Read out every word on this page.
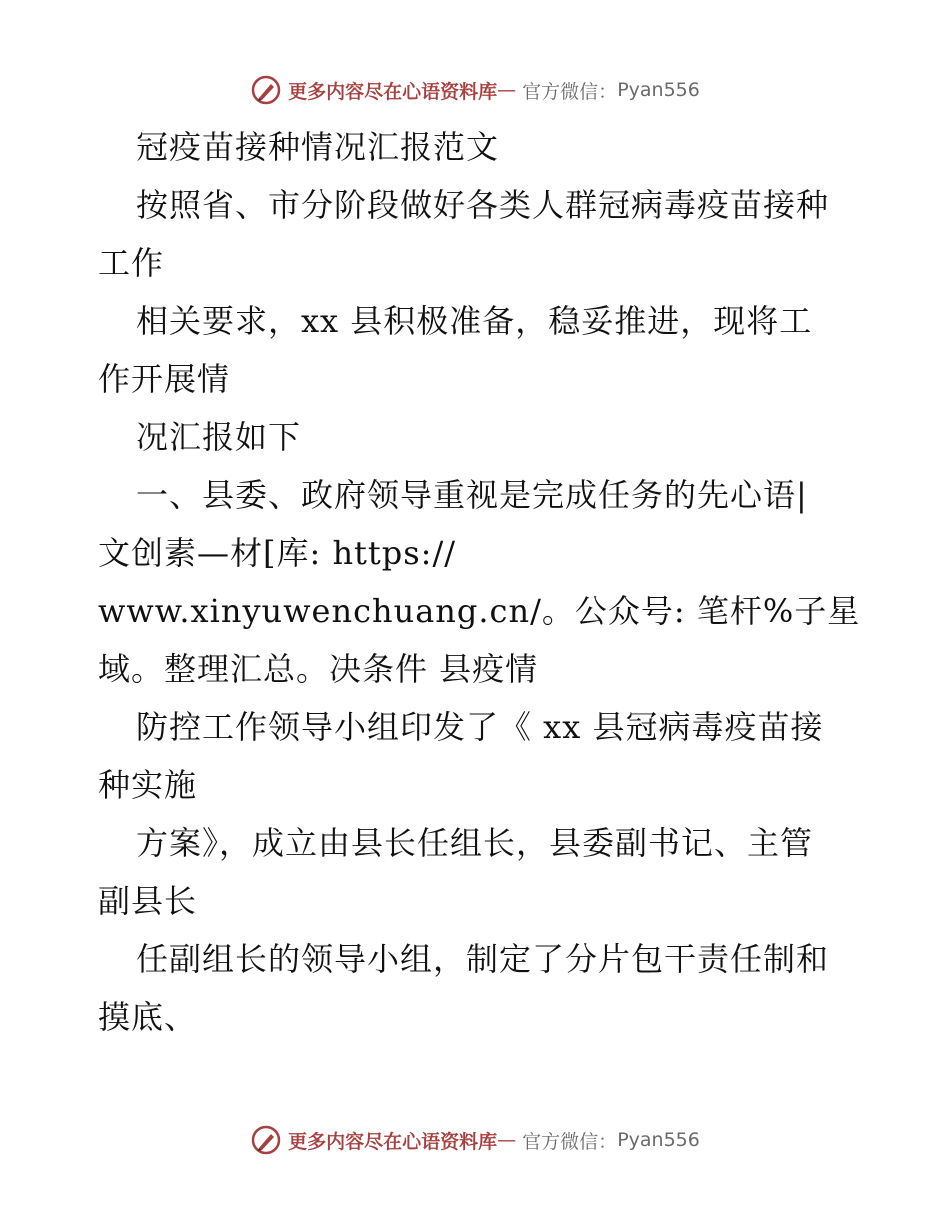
更多内容尽在心语资料库 — 官方微信： Pyan556
冠疫苗接种情况汇报范文
按照省、市分阶段做好各类人群冠病毒疫苗接种
工作
相关要求，xx 县积极准备，稳妥推进，现将工
作开展情
况汇报如下
一、县委、政府领导重视是完成任务的先心语|
文创素—材[库: https://
www.xinyuwenchuang.cn/。公众号: 笔杆%子星
域。整理汇总。决条件 县疫情
防控工作领导小组印发了《 xx 县冠病毒疫苗接
种实施
方案》，成立由县长任组长，县委副书记、主管
副县长
任副组长的领导小组，制定了分片包干责任制和
摸底、
更多内容尽在心语资料库 — 官方微信： Pyan556
